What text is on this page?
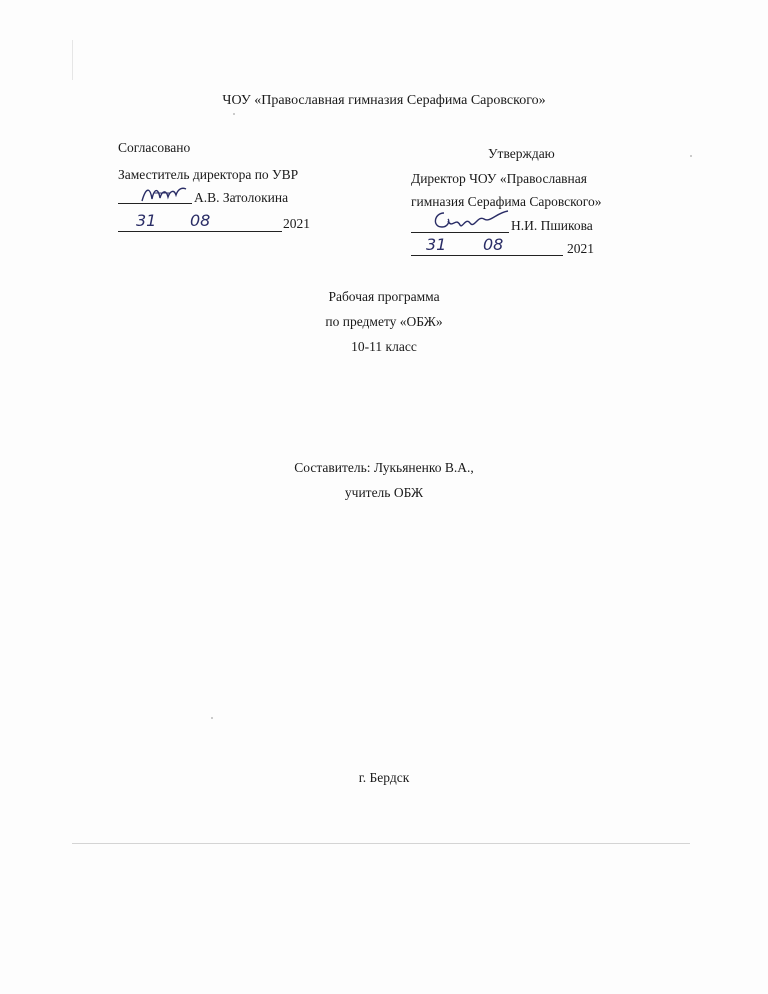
ЧОУ «Православная гимназия Серафима Саровского»
Согласовано
Заместитель директора по УВР
А.В. Затолокина
31 08	2021
Утверждаю
Директор ЧОУ «Православная
гимназия Серафима Саровского»
Н.И. Пшикова
31 08	2021
Рабочая программа
по предмету «ОБЖ»
10-11 класс
Составитель: Лукьяненко В.А.,
учитель ОБЖ
г. Бердск
